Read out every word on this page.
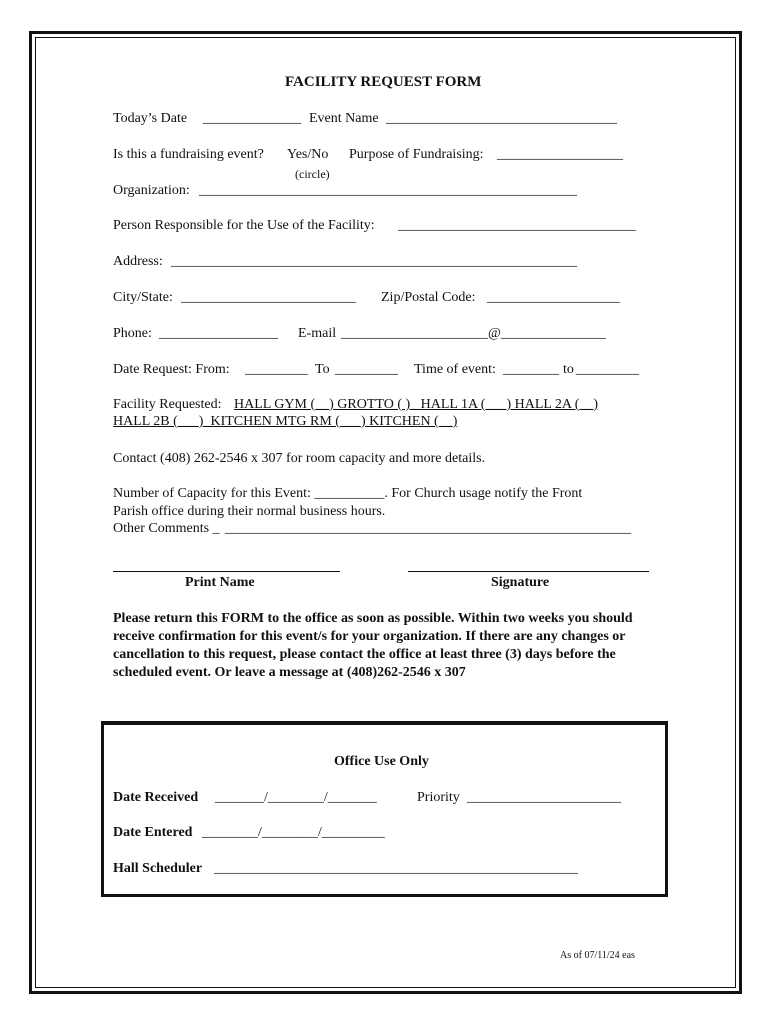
FACILITY REQUEST FORM
Today’s Date ______________ Event Name _________________________________
Is this a fundraising event? Yes/No
(circle)
Purpose of Fundraising: __________________
Organization: ______________________________________________________
Person Responsible for the Use of the Facility: __________________________________
Address: __________________________________________________________
City/State: _________________________ Zip/Postal Code: ___________________
Phone: _________________ E-mail _____________________@_______________
Date Request: From: _________ To _________ Time of event: ________ to _________
Facility Requested: HALL GYM (__) GROTTO ( )_ HALL 1A (___) HALL 2A (__)
HALL 2B (___)_KITCHEN MTG RM (___) KITCHEN (__)
Contact (408) 262-2546 x 307 for room capacity and more details.
Number of Capacity for this Event: __________. For Church usage notify the Front
Parish office during their normal business hours.
Other Comments _ __________________________________________________________
Print Name	Signature
Please return this FORM to the office as soon as possible. Within two weeks you should receive confirmation for this event/s for your organization. If there are any changes or cancellation to this request, please contact the office at least three (3) days before the scheduled event. Or leave a message at (408)262-2546 x 307
Office Use Only
Date Received _______/________/_______	Priority ______________________
Date Entered ________/________/_________
Hall Scheduler ____________________________________________________
As of 07/11/24 eas
